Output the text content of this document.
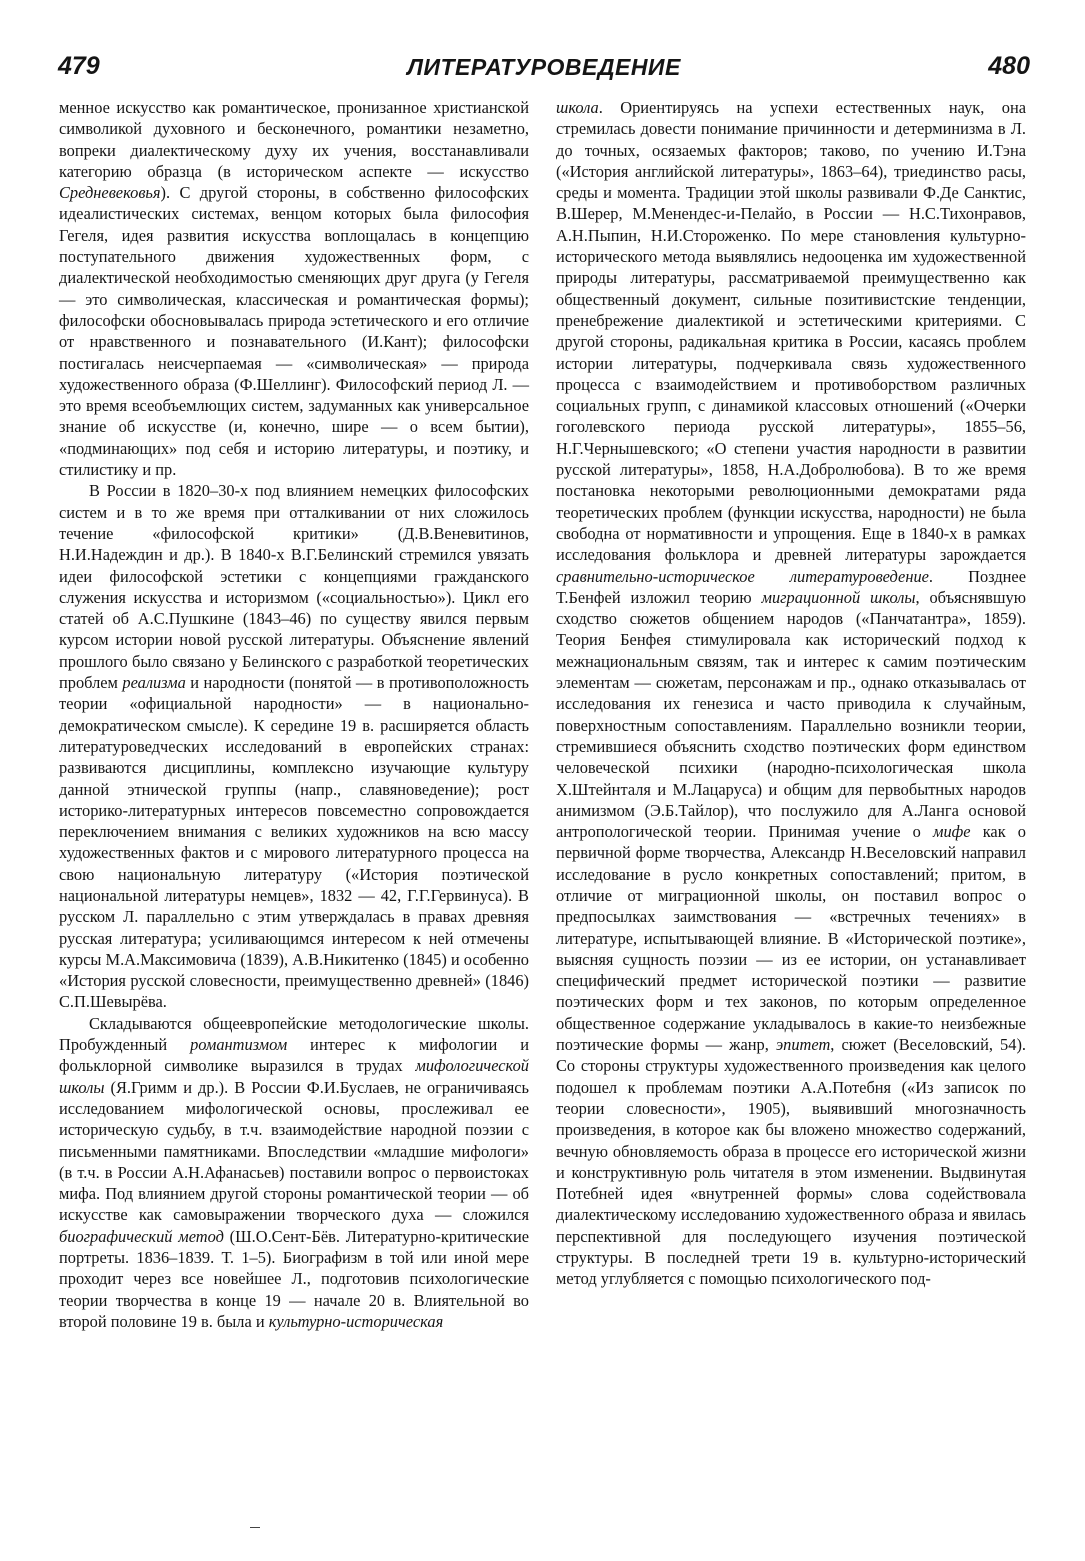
479	ЛИТЕРАТУРОВЕДЕНИЕ	480

менное искусство как романтическое, пронизанное христианской символикой духовного и бесконечного, романтики незаметно, вопреки диалектическому духу их учения, восстанавливали категорию образца (в историческом аспекте — искусство Средневековья). С другой стороны, в собственно философских идеалистических системах, венцом которых была философия Гегеля, идея развития искусства воплощалась в концепцию поступательного движения художественных форм, с диалектической необходимостью сменяющих друг друга (у Гегеля — это символическая, классическая и романтическая формы); философски обосновывалась природа эстетического и его отличие от нравственного и познавательного (И.Кант); философски постигалась неисчерпаемая — «символическая» — природа художественного образа (Ф.Шеллинг). Философский период Л. — это время всеобъемлющих систем, задуманных как универсальное знание об искусстве (и, конечно, шире — о всем бытии), «подминающих» под себя и историю литературы, и поэтику, и стилистику и пр.

В России в 1820–30-х под влиянием немецких философских систем и в то же время при отталкивании от них сложилось течение «философской критики» (Д.В.Веневитинов, Н.И.Надеждин и др.). В 1840-х В.Г.Белинский стремился увязать идеи философской эстетики с концепциями гражданского служения искусства и историзмом («социальностью»). Цикл его статей об А.С.Пушкине (1843–46) по существу явился первым курсом истории новой русской литературы. Объяснение явлений прошлого было связано у Белинского с разработкой теоретических проблем реализма и народности (понятой — в противоположность теории «официальной народности» — в национально-демократическом смысле). К середине 19 в. расширяется область литературоведческих исследований в европейских странах: развиваются дисциплины, комплексно изучающие культуру данной этнической группы (напр., славяноведение); рост историко-литературных интересов повсеместно сопровождается переключением внимания с великих художников на всю массу художественных фактов и с мирового литературного процесса на свою национальную литературу («История поэтической национальной литературы немцев», 1832 — 42, Г.Г.Гервинуса). В русском Л. параллельно с этим утверждалась в правах древняя русская литература; усиливающимся интересом к ней отмечены курсы М.А.Максимовича (1839), А.В.Никитенко (1845) и особенно «История русской словесности, преимущественно древней» (1846) С.П.Шевырёва.

Складываются общеевропейские методологические школы. Пробужденный романтизмом интерес к мифологии и фольклорной символике выразился в трудах мифологической школы (Я.Гримм и др.). В России Ф.И.Буслаев, не ограничиваясь исследованием мифологической основы, прослеживал ее историческую судьбу, в т.ч. взаимодействие народной поэзии с письменными памятниками. Впоследствии «младшие мифологи» (в т.ч. в России А.Н.Афанасьев) поставили вопрос о первоистоках мифа. Под влиянием другой стороны романтической теории — об искусстве как самовыражении творческого духа — сложился биографический метод (Ш.О.Сент-Бёв. Литературно-критические портреты. 1836–1839. Т. 1–5). Биографизм в той или иной мере проходит через все новейшее Л., подготовив психологические теории творчества в конце 19 — начале 20 в. Влиятельной во второй половине 19 в. была и культурно-историческая

школа. Ориентируясь на успехи естественных наук, она стремилась довести понимание причинности и детерминизма в Л. до точных, осязаемых факторов; таково, по учению И.Тэна («История английской литературы», 1863–64), триединство расы, среды и момента. Традиции этой школы развивали Ф.Де Санктис, В.Шерер, М.Менендес-и-Пелайо, в России — Н.С.Тихонравов, А.Н.Пыпин, Н.И.Стороженко. По мере становления культурно-исторического метода выявлялись недооценка им художественной природы литературы, рассматриваемой преимущественно как общественный документ, сильные позитивистские тенденции, пренебрежение диалектикой и эстетическими критериями. С другой стороны, радикальная критика в России, касаясь проблем истории литературы, подчеркивала связь художественного процесса с взаимодействием и противоборством различных социальных групп, с динамикой классовых отношений («Очерки гоголевского периода русской литературы», 1855–56, Н.Г.Чернышевского; «О степени участия народности в развитии русской литературы», 1858, Н.А.Добролюбова). В то же время постановка некоторыми революционными демократами ряда теоретических проблем (функции искусства, народности) не была свободна от нормативности и упрощения. Еще в 1840-х в рамках исследования фольклора и древней литературы зарождается сравнительно-историческое литературоведение. Позднее Т.Бенфей изложил теорию миграционной школы, объяснявшую сходство сюжетов общением народов («Панчатантра», 1859). Теория Бенфея стимулировала как исторический подход к межнациональным связям, так и интерес к самим поэтическим элементам — сюжетам, персонажам и пр., однако отказывалась от исследования их генезиса и часто приводила к случайным, поверхностным сопоставлениям. Параллельно возникли теории, стремившиеся объяснить сходство поэтических форм единством человеческой психики (народно-психологическая школа Х.Штейнталя и М.Лацаруса) и общим для первобытных народов анимизмом (Э.Б.Тайлор), что послужило для А.Ланга основой антропологической теории. Принимая учение о мифе как о первичной форме творчества, Александр Н.Веселовский направил исследование в русло конкретных сопоставлений; притом, в отличие от миграционной школы, он поставил вопрос о предпосылках заимствования — «встречных течениях» в литературе, испытывающей влияние. В «Исторической поэтике», выясняя сущность поэзии — из ее истории, он устанавливает специфический предмет исторической поэтики — развитие поэтических форм и тех законов, по которым определенное общественное содержание укладывалось в какие-то неизбежные поэтические формы — жанр, эпитет, сюжет (Веселовский, 54). Со стороны структуры художественного произведения как целого подошел к проблемам поэтики А.А.Потебня («Из записок по теории словесности», 1905), выявивший многозначность произведения, в которое как бы вложено множество содержаний, вечную обновляемость образа в процессе его исторической жизни и конструктивную роль читателя в этом изменении. Выдвинутая Потебней идея «внутренней формы» слова содействовала диалектическому исследованию художественного образа и явилась перспективной для последующего изучения поэтической структуры. В последней трети 19 в. культурно-исторический метод углубляется с помощью психологического под-
